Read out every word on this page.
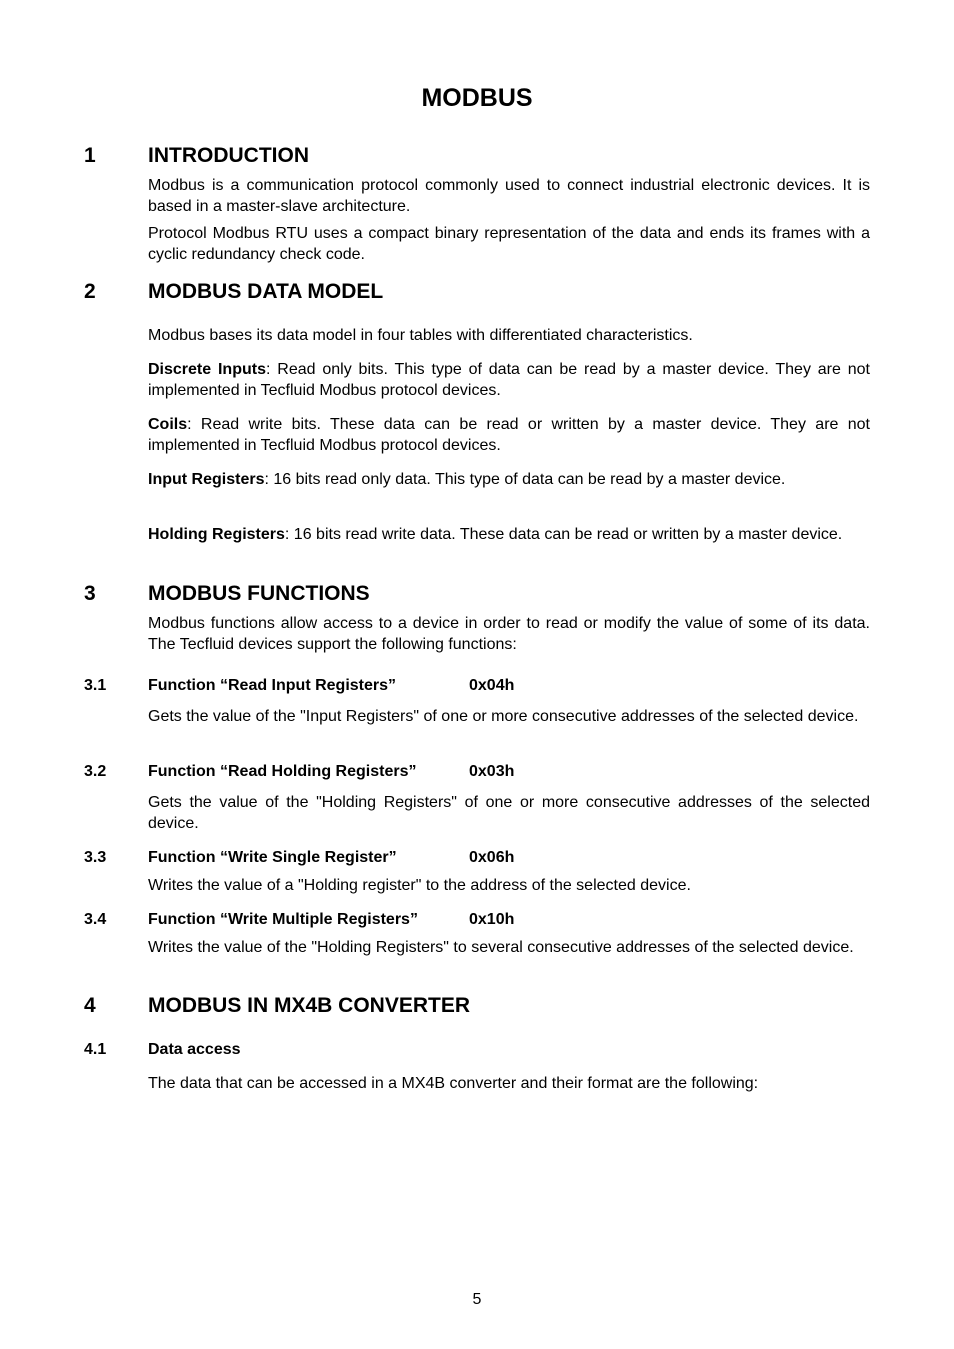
MODBUS
1 INTRODUCTION
Modbus is a communication protocol commonly used to connect industrial electronic devices. It is based in a master-slave architecture.
Protocol Modbus RTU uses a compact binary representation of the data and ends its frames with a cyclic redundancy check code.
2 MODBUS DATA MODEL
Modbus bases its data model in four tables with differentiated characteristics.
Discrete Inputs: Read only bits. This type of data can be read by a master device. They are not implemented in Tecfluid Modbus protocol devices.
Coils: Read write bits. These data can be read or written by a master device. They are not implemented in Tecfluid Modbus protocol devices.
Input Registers: 16 bits read only data. This type of data can be read by a master device.
Holding Registers: 16 bits read write data. These data can be read or written by a master device.
3 MODBUS FUNCTIONS
Modbus functions allow access to a device in order to read or modify the value of some of its data. The Tecfluid devices support the following functions:
3.1	Function “Read Input Registers”	0x04h
Gets the value of the "Input Registers" of one or more consecutive addresses of the selected device.
3.2	Function “Read Holding Registers”	0x03h
Gets the value of the "Holding Registers" of one or more consecutive addresses of the selected device.
3.3	Function “Write Single Register”	0x06h
Writes the value of a "Holding register" to the address of the selected device.
3.4	Function “Write Multiple Registers”	0x10h
Writes the value of the "Holding Registers" to several consecutive addresses of the selected device.
4 MODBUS IN MX4B CONVERTER
4.1	Data access
The data that can be accessed in a MX4B converter and their format are the following:
5
